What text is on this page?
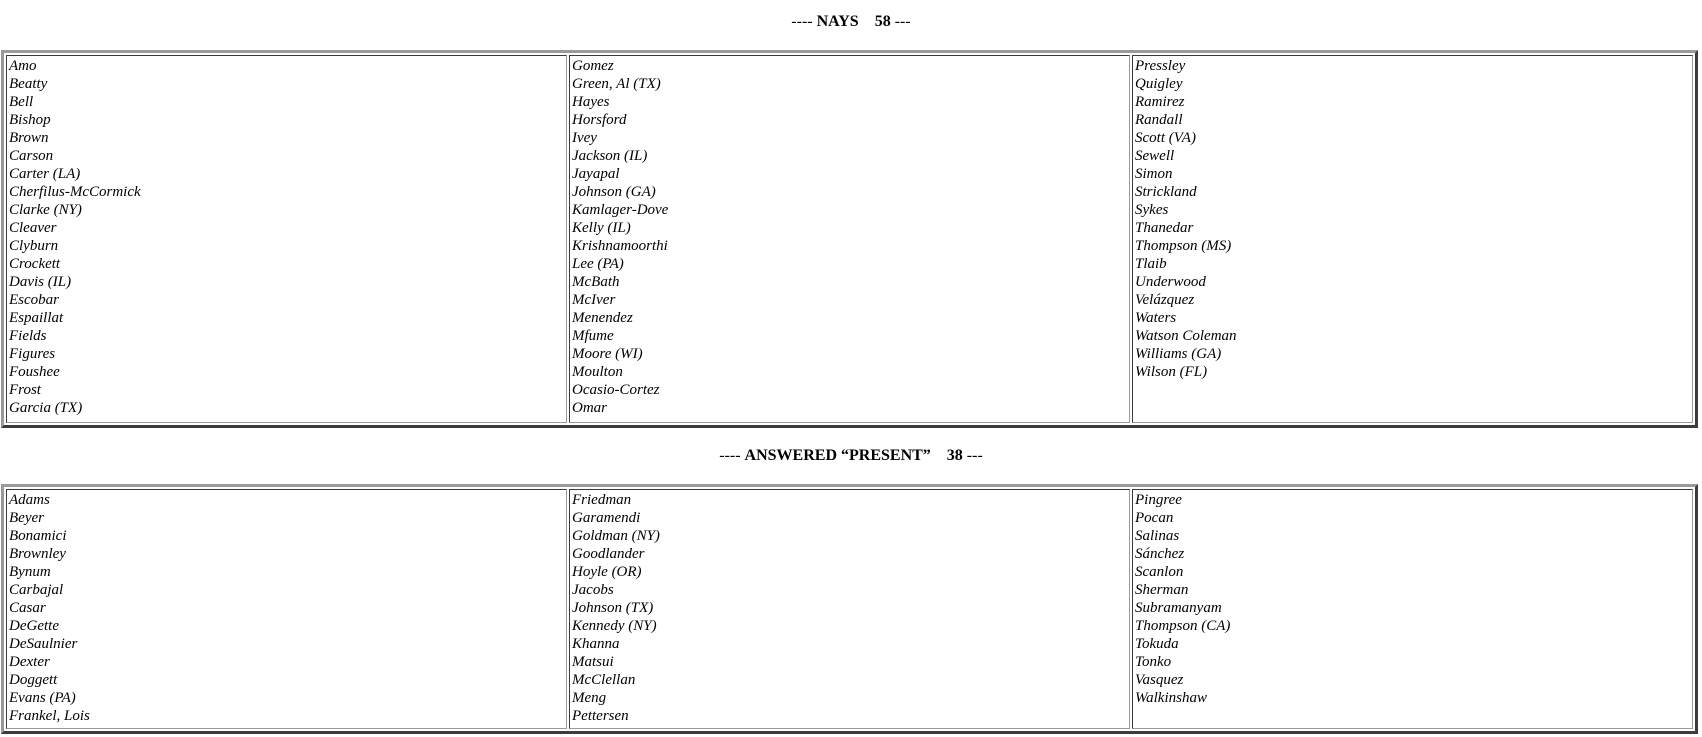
---- NAYS 58 ---
Amo
Beatty
Bell
Bishop
Brown
Carson
Carter (LA)
Cherfilus-McCormick
Clarke (NY)
Cleaver
Clyburn
Crockett
Davis (IL)
Escobar
Espaillat
Fields
Figures
Foushee
Frost
Garcia (TX)

Gomez
Green, Al (TX)
Hayes
Horsford
Ivey
Jackson (IL)
Jayapal
Johnson (GA)
Kamlager-Dove
Kelly (IL)
Krishnamoorthi
Lee (PA)
McBath
McIver
Menendez
Mfume
Moore (WI)
Moulton
Ocasio-Cortez
Omar

Pressley
Quigley
Ramirez
Randall
Scott (VA)
Sewell
Simon
Strickland
Sykes
Thanedar
Thompson (MS)
Tlaib
Underwood
Velázquez
Waters
Watson Coleman
Williams (GA)
Wilson (FL)
---- ANSWERED “PRESENT” 38 ---
Adams
Beyer
Bonamici
Brownley
Bynum
Carbajal
Casar
DeGette
DeSaulnier
Dexter
Doggett
Evans (PA)
Frankel, Lois

Friedman
Garamendi
Goldman (NY)
Goodlander
Hoyle (OR)
Jacobs
Johnson (TX)
Kennedy (NY)
Khanna
Matsui
McClellan
Meng
Pettersen

Pingree
Pocan
Salinas
Sánchez
Scanlon
Sherman
Subramanyam
Thompson (CA)
Tokuda
Tonko
Vasquez
Walkinshaw
